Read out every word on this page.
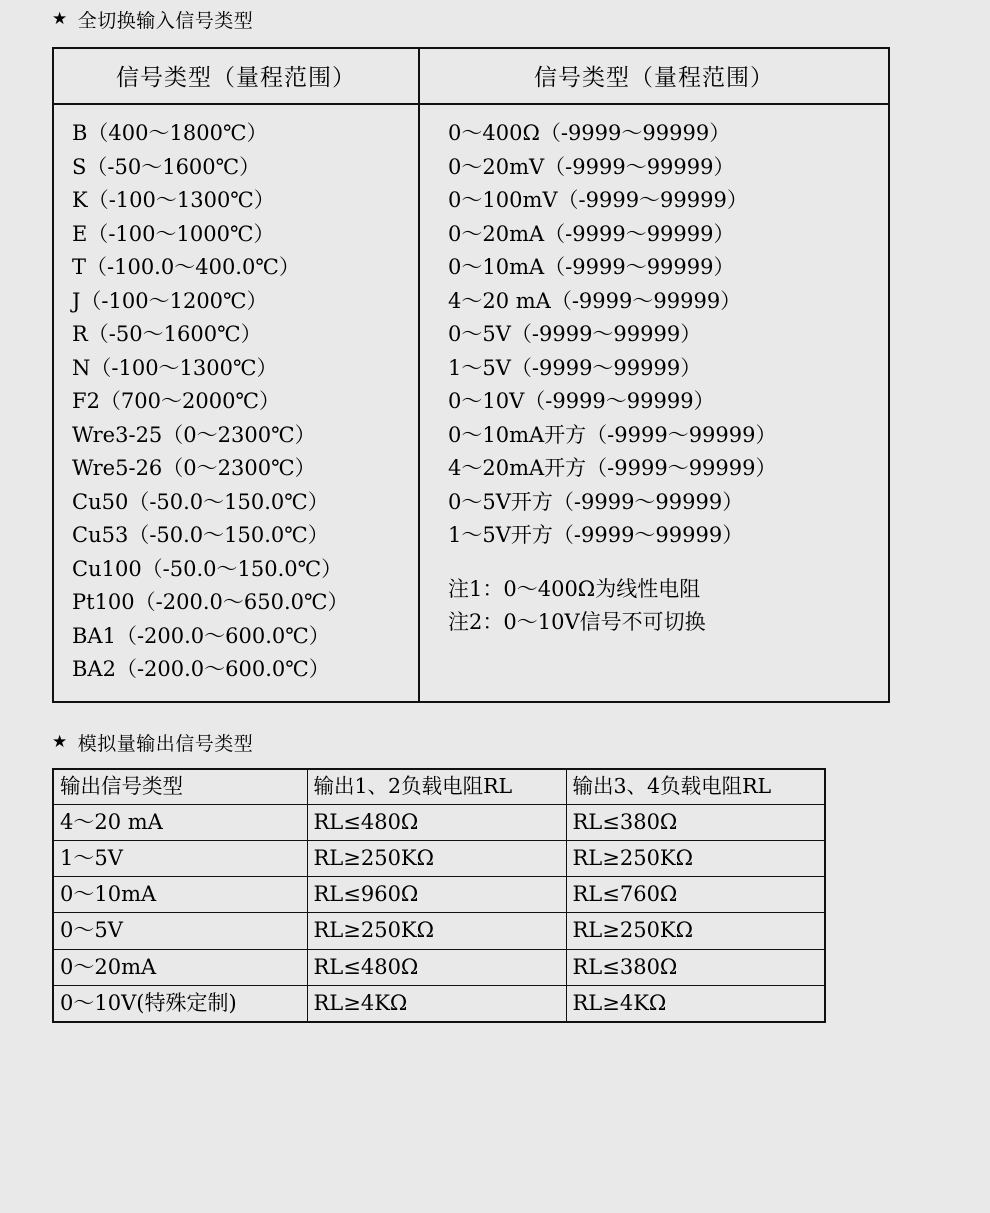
★ 全切换输入信号类型
信号类型（量程范围）
B（400～1800℃）
S（-50～1600℃）
K（-100～1300℃）
E（-100～1000℃）
T（-100.0～400.0℃）
J（-100～1200℃）
R（-50～1600℃）
N（-100～1300℃）
F2（700～2000℃）
Wre3-25（0～2300℃）
Wre5-26（0～2300℃）
Cu50（-50.0～150.0℃）
Cu53（-50.0～150.0℃）
Cu100（-50.0～150.0℃）
Pt100（-200.0～650.0℃）
BA1（-200.0～600.0℃）
BA2（-200.0～600.0℃）
信号类型（量程范围）
0～400Ω（-9999～99999）
0～20mV（-9999～99999）
0～100mV（-9999～99999）
0～20mA（-9999～99999）
0～10mA（-9999～99999）
4～20 mA（-9999～99999）
0～5V（-9999～99999）
1～5V（-9999～99999）
0～10V（-9999～99999）
0～10mA开方（-9999～99999）
4～20mA开方（-9999～99999）
0～5V开方（-9999～99999）
1～5V开方（-9999～99999）
注1：0～400Ω为线性电阻
注2：0～10V信号不可切换
★ 模拟量输出信号类型
输出信号类型	输出1、2负载电阻RL	输出3、4负载电阻RL
4～20 mA	RL≤480Ω	RL≤380Ω
1～5V	RL≥250KΩ	RL≥250KΩ
0～10mA	RL≤960Ω	RL≤760Ω
0～5V	RL≥250KΩ	RL≥250KΩ
0～20mA	RL≤480Ω	RL≤380Ω
0～10V(特殊定制)	RL≥4KΩ	RL≥4KΩ
